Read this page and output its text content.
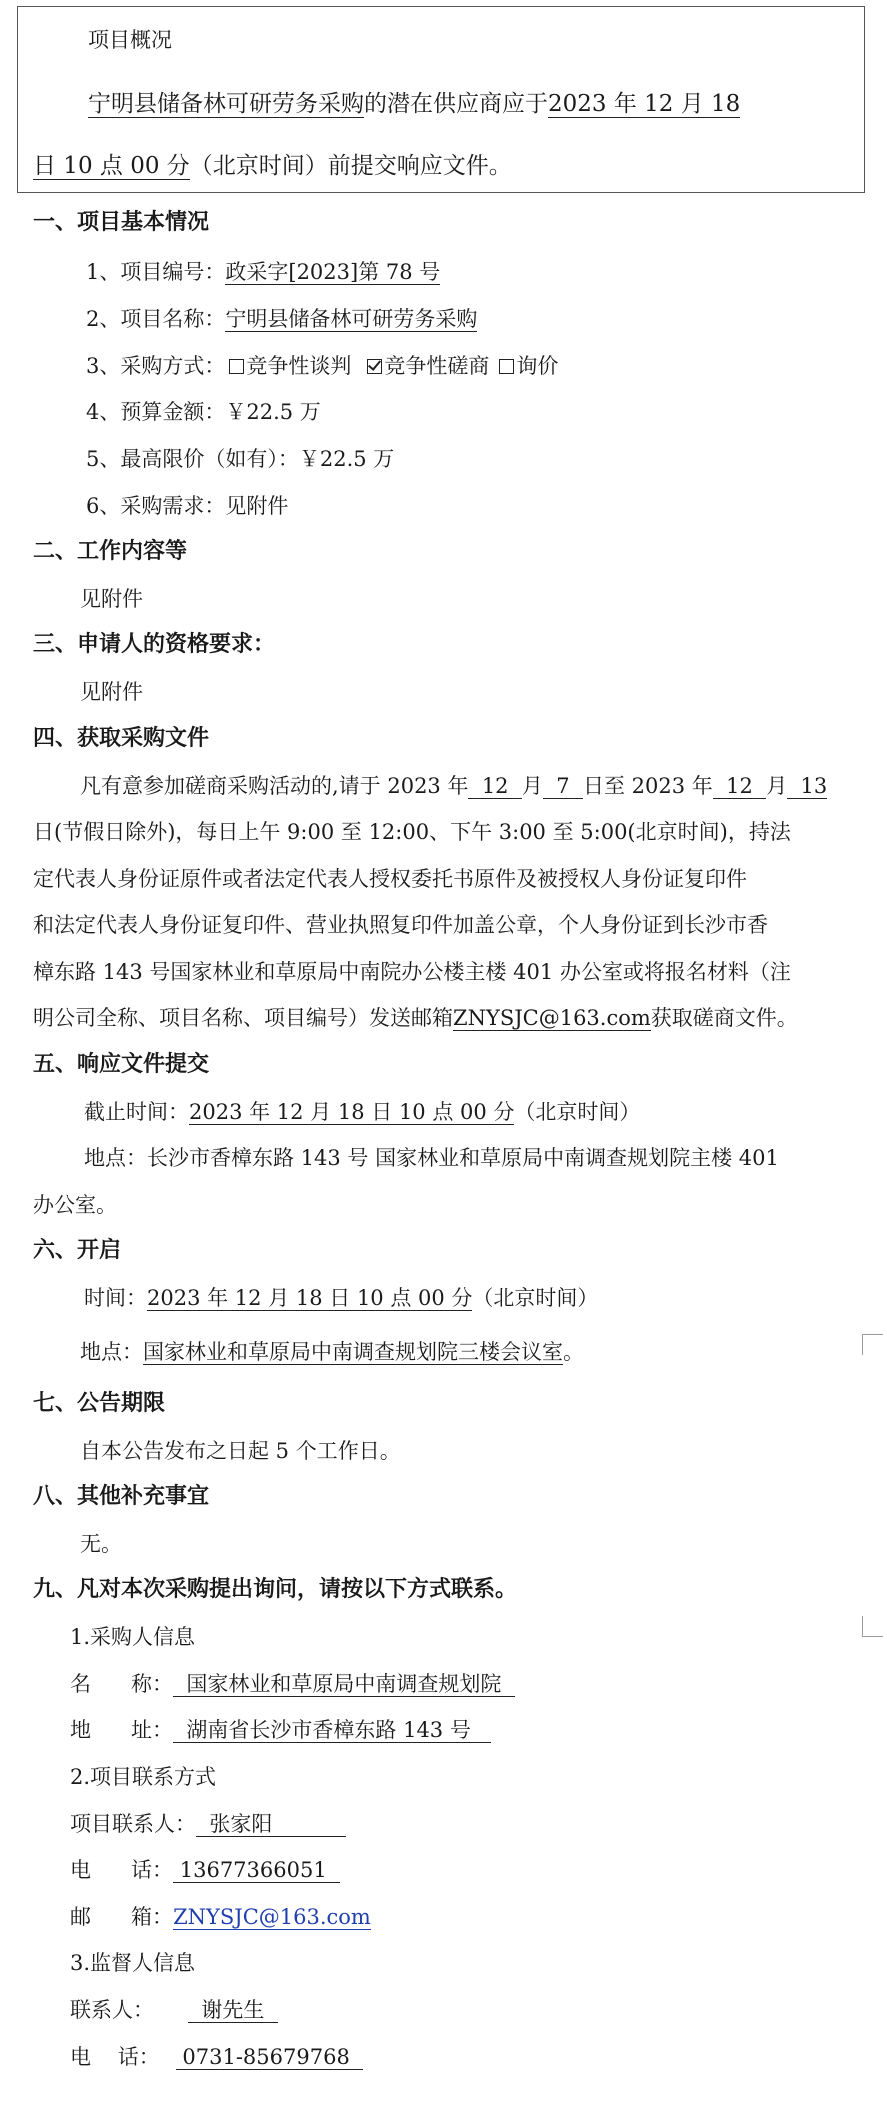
项目概况
宁明县储备林可研劳务采购的潜在供应商应于2023 年 12 月 18
日 10 点 00 分（北京时间）前提交响应文件。
一、项目基本情况
1、项目编号：政采字[2023]第 78 号
2、项目名称：宁明县储备林可研劳务采购
3、采购方式： 竞争性谈判 竞争性磋商 询价
4、预算金额：￥22.5 万
5、最高限价（如有）：￥22.5 万
6、采购需求：见附件
二、工作内容等
见附件
三、申请人的资格要求：
见附件
四、获取采购文件
凡有意参加磋商采购活动的,请于 2023 年  12  月  7  日至 2023 年  12  月  13
日(节假日除外)，每日上午 9:00 至 12:00、下午 3:00 至 5:00(北京时间)，持法
定代表人身份证原件或者法定代表人授权委托书原件及被授权人身份证复印件
和法定代表人身份证复印件、营业执照复印件加盖公章，个人身份证到长沙市香
樟东路 143 号国家林业和草原局中南院办公楼主楼 401 办公室或将报名材料（注
明公司全称、项目名称、项目编号）发送邮箱ZNYSJC@163.com获取磋商文件。
五、响应文件提交
截止时间：2023 年 12 月 18 日 10 点 00 分（北京时间）
地点：长沙市香樟东路 143 号 国家林业和草原局中南调查规划院主楼 401
办公室。
六、开启
时间：2023 年 12 月 18 日 10 点 00 分（北京时间）
地点：国家林业和草原局中南调查规划院三楼会议室。
七、公告期限
自本公告发布之日起 5 个工作日。
八、其他补充事宜
无。
九、凡对本次采购提出询问，请按以下方式联系。
1.采购人信息
名      称：  国家林业和草原局中南调查规划院
地      址：  湖南省长沙市香樟东路 143 号
2.项目联系方式
项目联系人：  张家阳
电      话： 13677366051
邮      箱：ZNYSJC@163.com
3.监督人信息
联系人：  谢先生
电    话： 0731-85679768
